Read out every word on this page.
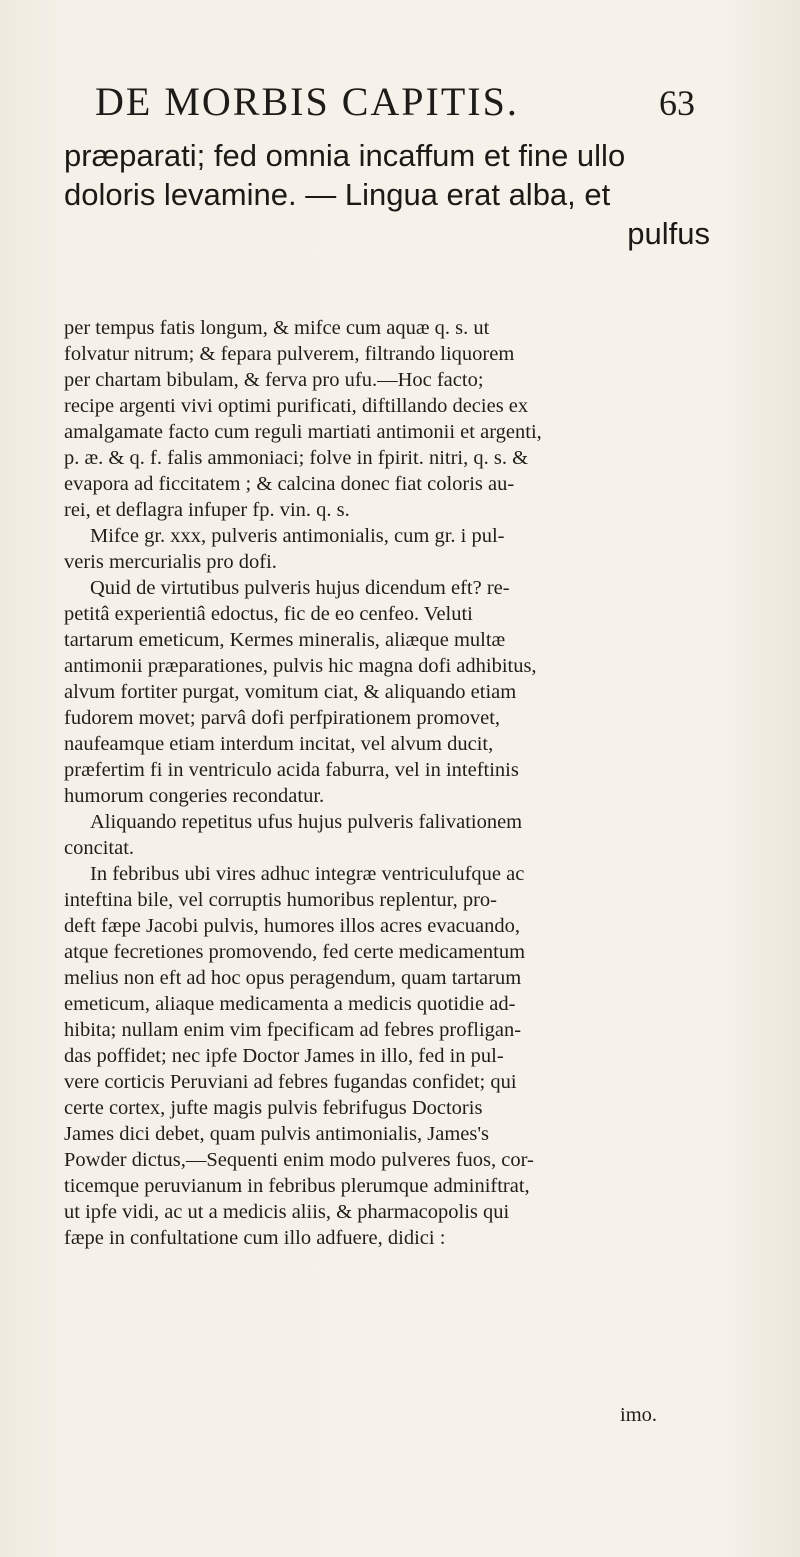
DE MORBIS CAPITIS.	63
præparati; fed omnia incaffum et fine ullo
doloris levamine. — Lingua erat alba, et
pulfus
per tempus fatis longum, & mifce cum aquæ q. s. ut
folvatur nitrum; & fepara pulverem, filtrando liquorem
per chartam bibulam, & ferva pro ufu.—Hoc facto;
recipe argenti vivi optimi purificati, diftillando decies ex
amalgamate facto cum reguli martiati antimonii et argenti,
p. æ. & q. f. falis ammoniaci; folve in fpirit. nitri, q. s. &
evapora ad ficcitatem ; & calcina donec fiat coloris au-
rei, et deflagra infuper fp. vin. q. s.
Mifce gr. xxx, pulveris antimonialis, cum gr. i pul-
veris mercurialis pro dofi.
Quid de virtutibus pulveris hujus dicendum eft? re-
petitâ experientiâ edoctus, fic de eo cenfeo. Veluti
tartarum emeticum, Kermes mineralis, aliæque multæ
antimonii præparationes, pulvis hic magna dofi adhibitus,
alvum fortiter purgat, vomitum ciat, & aliquando etiam
fudorem movet; parvâ dofi perfpirationem promovet,
naufeamque etiam interdum incitat, vel alvum ducit,
præfertim fi in ventriculo acida faburra, vel in inteftinis
humorum congeries recondatur.
Aliquando repetitus ufus hujus pulveris falivationem
concitat.
In febribus ubi vires adhuc integræ ventriculufque ac
inteftina bile, vel corruptis humoribus replentur, pro-
deft fæpe Jacobi pulvis, humores illos acres evacuando,
atque fecretiones promovendo, fed certe medicamentum
melius non eft ad hoc opus peragendum, quam tartarum
emeticum, aliaque medicamenta a medicis quotidie ad-
hibita; nullam enim vim fpecificam ad febres profligan-
das poffidet; nec ipfe Doctor James in illo, fed in pul-
vere corticis Peruviani ad febres fugandas confidet; qui
certe cortex, jufte magis pulvis febrifugus Doctoris
James dici debet, quam pulvis antimonialis, James's
Powder dictus,—Sequenti enim modo pulveres fuos, cor-
ticemque peruvianum in febribus plerumque adminiftrat,
ut ipfe vidi, ac ut a medicis aliis, & pharmacopolis qui
fæpe in confultatione cum illo adfuere, didici :
imo.
